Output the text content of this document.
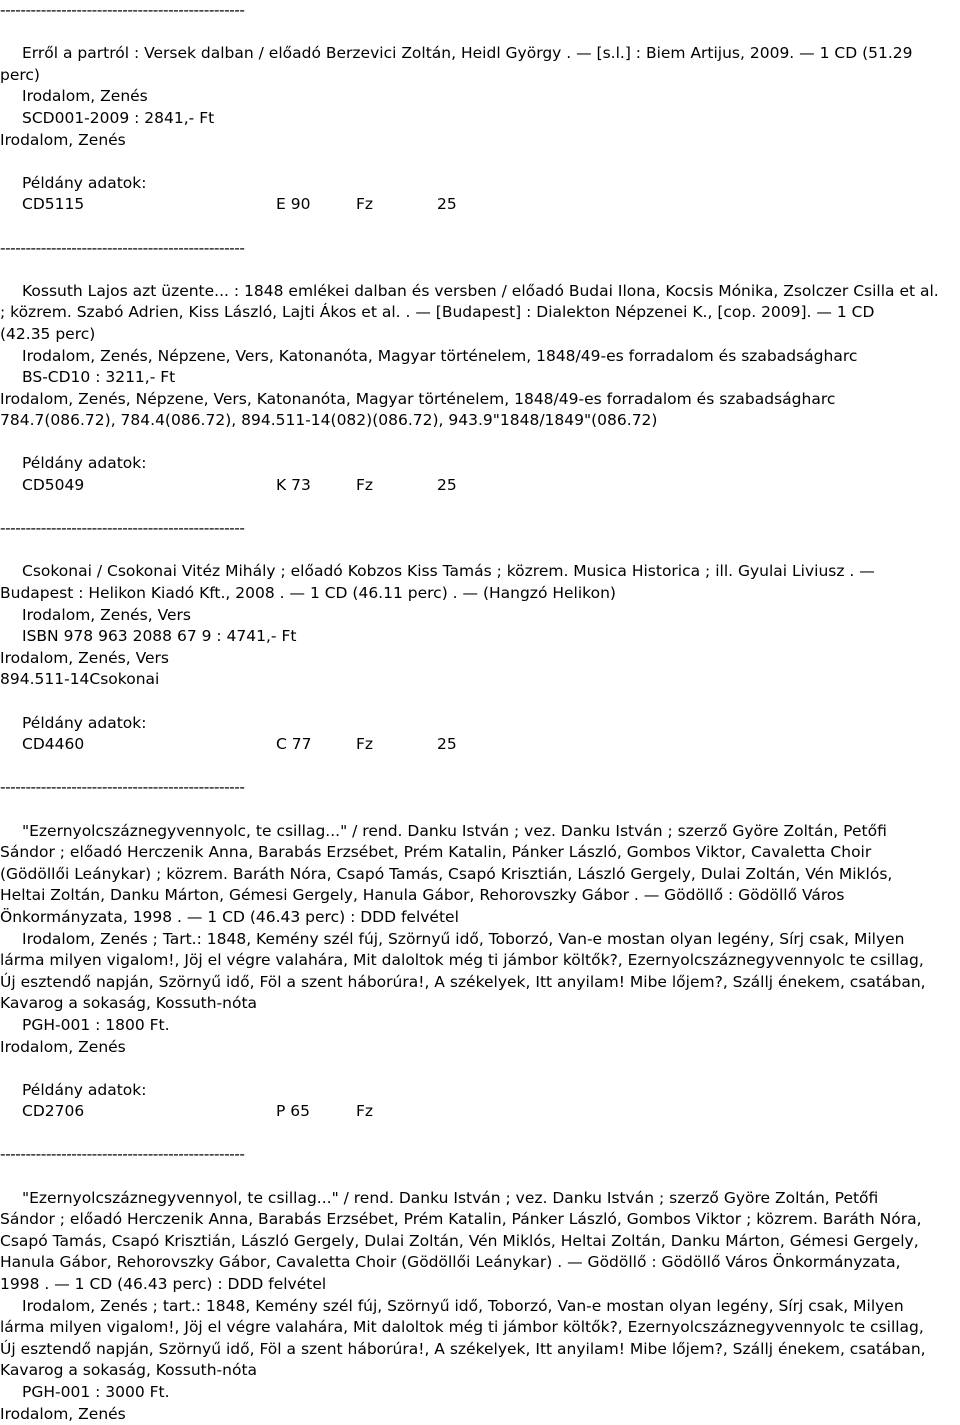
------------------------------------------------
Erről a partról : Versek dalban / előadó Berzevici Zoltán, Heidl György . — [s.l.] : Biem Artijus, 2009. — 1 CD (51.29
perc)
Irodalom, Zenés
SCD001-2009 : 2841,- Ft
Irodalom, Zenés
Példány adatok:
CD5115	E 90	Fz	25
------------------------------------------------
Kossuth Lajos azt üzente... : 1848 emlékei dalban és versben / előadó Budai Ilona, Kocsis Mónika, Zsolczer Csilla et al.
; közrem. Szabó Adrien, Kiss László, Lajti Ákos et al. . — [Budapest] : Dialekton Népzenei K., [cop. 2009]. — 1 CD
(42.35 perc)
Irodalom, Zenés, Népzene, Vers, Katonanóta, Magyar történelem, 1848/49-es forradalom és szabadságharc
BS-CD10 : 3211,- Ft
Irodalom, Zenés, Népzene, Vers, Katonanóta, Magyar történelem, 1848/49-es forradalom és szabadságharc
784.7(086.72), 784.4(086.72), 894.511-14(082)(086.72), 943.9"1848/1849"(086.72)
Példány adatok:
CD5049	K 73	Fz	25
------------------------------------------------
Csokonai / Csokonai Vitéz Mihály ; előadó Kobzos Kiss Tamás ; közrem. Musica Historica ; ill. Gyulai Liviusz . —
Budapest : Helikon Kiadó Kft., 2008 . — 1 CD (46.11 perc) . — (Hangzó Helikon)
Irodalom, Zenés, Vers
ISBN 978 963 2088 67 9 : 4741,- Ft
Irodalom, Zenés, Vers
894.511-14Csokonai
Példány adatok:
CD4460	C 77	Fz	25
------------------------------------------------
"Ezernyolcszáznegyvennyolc, te csillag..." / rend. Danku István ; vez. Danku István ; szerző Györe Zoltán, Petőfi
Sándor ; előadó Herczenik Anna, Barabás Erzsébet, Prém Katalin, Pánker László, Gombos Viktor, Cavaletta Choir
(Gödöllői Leánykar) ; közrem. Baráth Nóra, Csapó Tamás, Csapó Krisztián, László Gergely, Dulai Zoltán, Vén Miklós,
Heltai Zoltán, Danku Márton, Gémesi Gergely, Hanula Gábor, Rehorovszky Gábor . — Gödöllő : Gödöllő Város
Önkormányzata, 1998 . — 1 CD (46.43 perc) : DDD felvétel
Irodalom, Zenés ; Tart.: 1848, Kemény szél fúj, Szörnyű idő, Toborzó, Van-e mostan olyan legény, Sírj csak, Milyen
lárma milyen vigalom!, Jöj el végre valahára, Mit daloltok még ti jámbor költők?, Ezernyolcszáznegyvennyolc te csillag,
Új esztendő napján, Szörnyű idő, Föl a szent háborúra!, A székelyek, Itt anyilam! Mibe lőjem?, Szállj énekem, csatában,
Kavarog a sokaság, Kossuth-nóta
PGH-001 : 1800 Ft.
Irodalom, Zenés
Példány adatok:
CD2706	P 65	Fz
------------------------------------------------
"Ezernyolcszáznegyvennyol, te csillag..." / rend. Danku István ; vez. Danku István ; szerző Györe Zoltán, Petőfi
Sándor ; előadó Herczenik Anna, Barabás Erzsébet, Prém Katalin, Pánker László, Gombos Viktor ; közrem. Baráth Nóra,
Csapó Tamás, Csapó Krisztián, László Gergely, Dulai Zoltán, Vén Miklós, Heltai Zoltán, Danku Márton, Gémesi Gergely,
Hanula Gábor, Rehorovszky Gábor, Cavaletta Choir (Gödöllői Leánykar) . — Gödöllő : Gödöllő Város Önkormányzata,
1998 . — 1 CD (46.43 perc) : DDD felvétel
Irodalom, Zenés ; tart.: 1848, Kemény szél fúj, Szörnyű idő, Toborzó, Van-e mostan olyan legény, Sírj csak, Milyen
lárma milyen vigalom!, Jöj el végre valahára, Mit daloltok még ti jámbor költők?, Ezernyolcszáznegyvennyolc te csillag,
Új esztendő napján, Szörnyű idő, Föl a szent háborúra!, A székelyek, Itt anyilam! Mibe lőjem?, Szállj énekem, csatában,
Kavarog a sokaság, Kossuth-nóta
PGH-001 : 3000 Ft.
Irodalom, Zenés
